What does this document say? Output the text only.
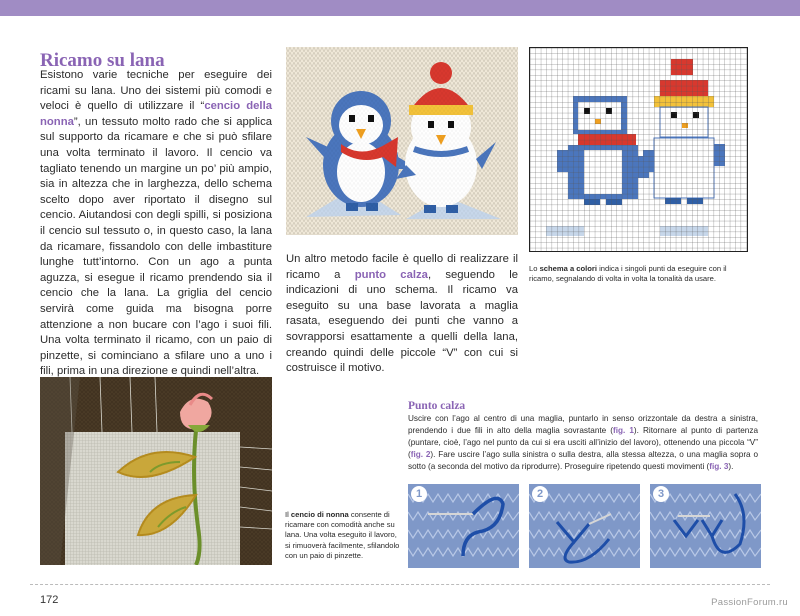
Ricamo su lana

Esistono varie tecniche per eseguire dei ricami su lana. Uno dei sistemi più comodi e veloci è quello di utilizzare il “cencio della nonna”, un tessuto molto rado che si applica sul supporto da ricamare e che si può sfilare una volta terminato il lavoro. Il cencio va tagliato tenendo un margine un po’ più ampio, sia in altezza che in larghezza, dello schema scelto dopo aver riportato il disegno sul cencio. Aiutandosi con degli spilli, si posiziona il cencio sul tessuto o, in questo caso, la lana da ricamare, fissandolo con delle imbastiture lunghe tutt’intorno. Con un ago a punta aguzza, si esegue il ricamo prendendo sia il cencio che la lana. La griglia del cencio servirà come guida ma bisogna porre attenzione a non bucare con l’ago i suoi fili. Una volta terminato il ricamo, con un paio di pinzette, si cominciano a sfilare uno a uno i fili, prima in una direzione e quindi nell’altra.

Lo schema a colori indica i singoli punti da eseguire con il ricamo, segnalando di volta in volta la tonalità da usare.

Un altro metodo facile è quello di realizzare il ricamo a punto calza, seguendo le indicazioni di uno schema. Il ricamo va eseguito su una base lavorata a maglia rasata, eseguendo dei punti che vanno a sovrapporsi esattamente a quelli della lana, creando quindi delle piccole “V” con cui si costruisce il motivo.

Il cencio di nonna consente di ricamare con comodità anche su lana. Una volta eseguito il lavoro, si rimuoverà facilmente, sfilandolo con un paio di pinzette.

Punto calza

Uscire con l’ago al centro di una maglia, puntarlo in senso orizzontale da destra a sinistra, prendendo i due fili in alto della maglia sovrastante (fig. 1). Ritornare al punto di partenza (puntare, cioè, l’ago nel punto da cui si era usciti all’inizio del lavoro), ottenendo una piccola “V” (fig. 2). Fare uscire l’ago sulla sinistra o sulla destra, alla stessa altezza, o una maglia sopra o sotto (a seconda del motivo da riprodurre). Proseguire ripetendo questi movimenti (fig. 3).

1	2	3
172	PassionForum.ru
